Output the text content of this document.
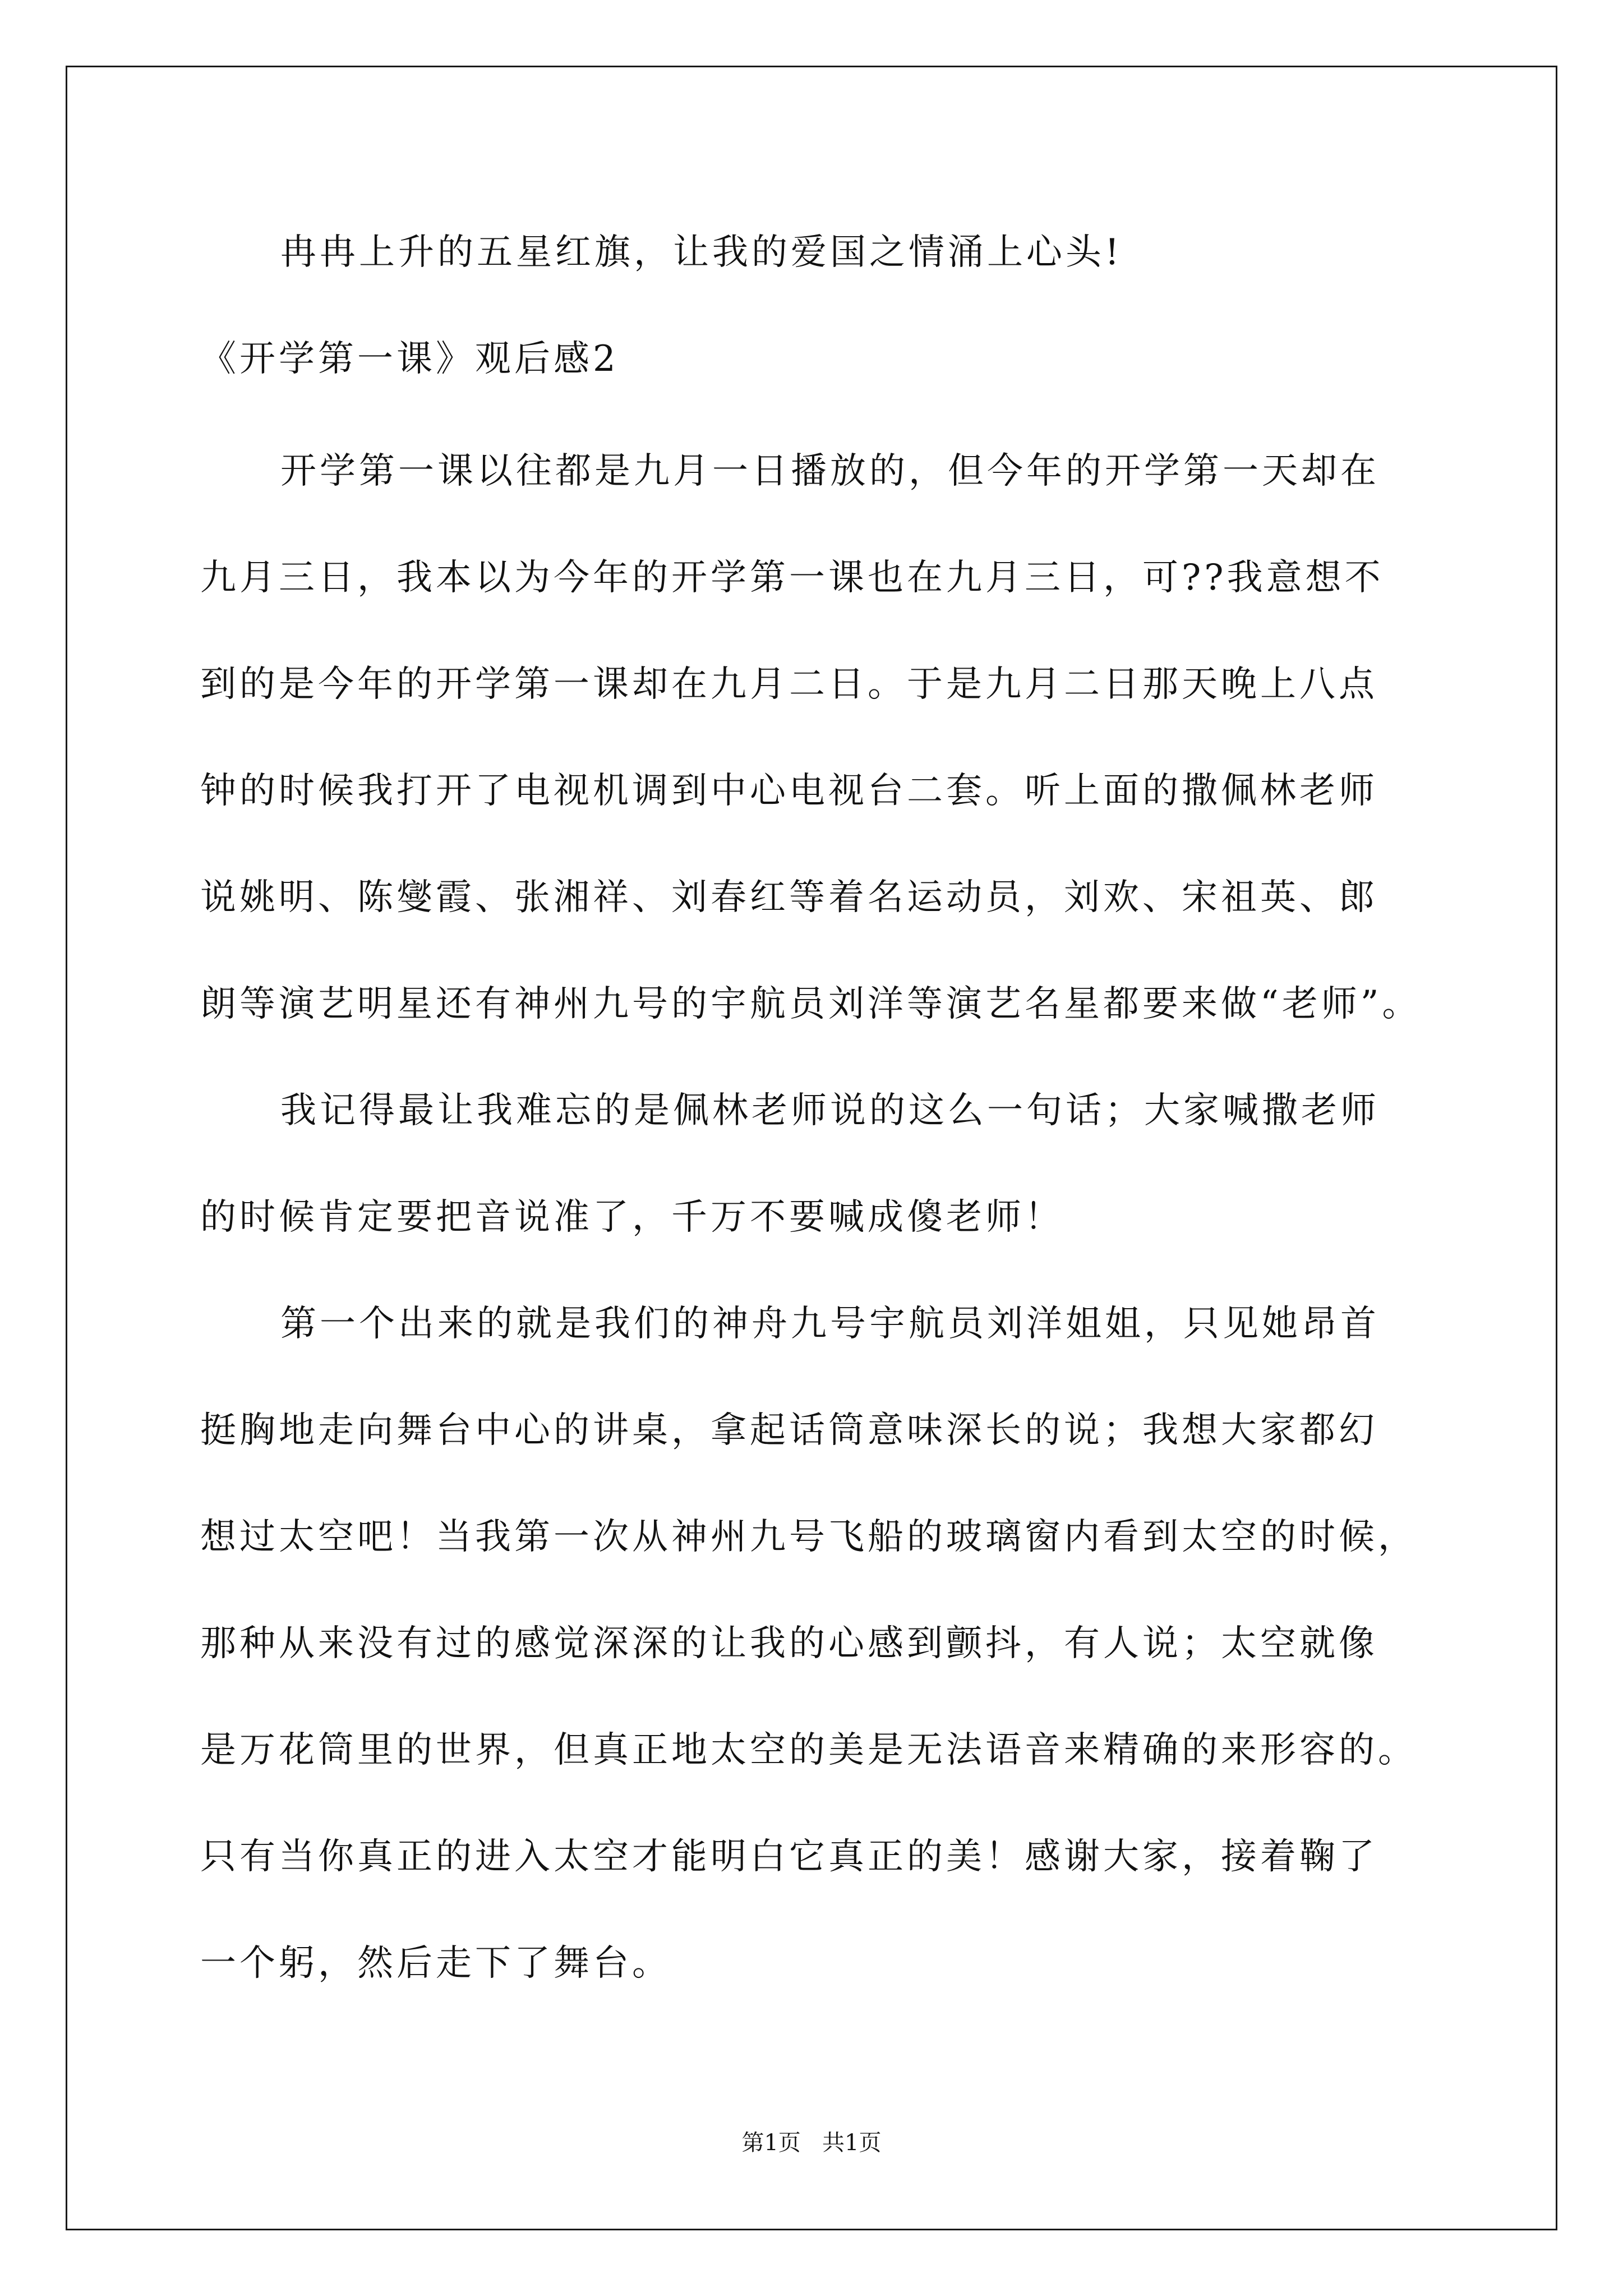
冉冉上升的五星红旗，让我的爱国之情涌上心头!
《开学第一课》观后感2
开学第一课以往都是九月一日播放的，但今年的开学第一天却在
九月三日，我本以为今年的开学第一课也在九月三日，可??我意想不
到的是今年的开学第一课却在九月二日。于是九月二日那天晚上八点
钟的时候我打开了电视机调到中心电视台二套。听上面的撒佩林老师
说姚明、陈燮霞、张湘祥、刘春红等着名运动员，刘欢、宋祖英、郎
朗等演艺明星还有神州九号的宇航员刘洋等演艺名星都要来做“老师”。
我记得最让我难忘的是佩林老师说的这么一句话；大家喊撒老师
的时候肯定要把音说准了，千万不要喊成傻老师！
第一个出来的就是我们的神舟九号宇航员刘洋姐姐，只见她昂首
挺胸地走向舞台中心的讲桌，拿起话筒意味深长的说；我想大家都幻
想过太空吧！当我第一次从神州九号飞船的玻璃窗内看到太空的时候，
那种从来没有过的感觉深深的让我的心感到颤抖，有人说；太空就像
是万花筒里的世界，但真正地太空的美是无法语音来精确的来形容的。
只有当你真正的进入太空才能明白它真正的美！感谢大家，接着鞠了
一个躬，然后走下了舞台。
第1页   共1页
